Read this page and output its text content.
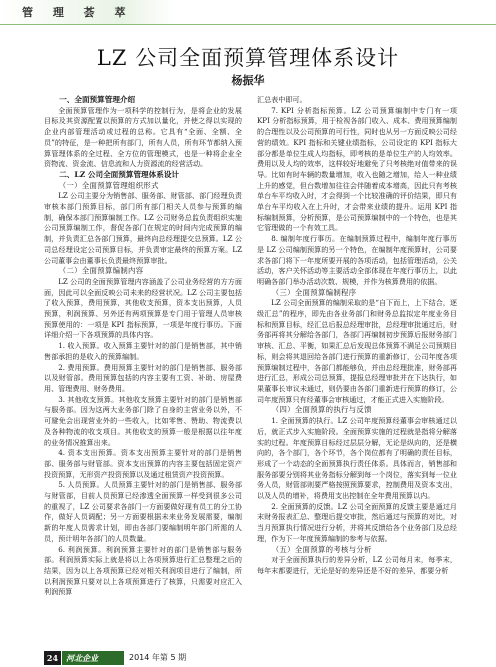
管 理 荟 萃
LZ 公司全面预算管理体系设计
杨振华

一、全面预算管理介绍

全面预算管理作为一项科学的控制行为，是将企业的发展目标及其资源配置以预算的方式加以量化，并使之得以实现的企业内部管理活动或过程的总称。它具有“全面、全额、全员”的特征，是一种把所有部门，所有人员，所有环节都纳入预算管理体系的全过程、全方位的管理模式，也是一种将企业全资物流、资金流、信息流和人力资源流的经营活动。

二、LZ 公司全面预算管理体系设计

（一）全面预算管理组织形式

LZ 公司主要分为销售部、服务部、财管部、部门经理负责审核本部门预算目标，部门所有部门相关人员参与预算的编制，确保本部门预算编制工作。LZ 公司财务总监负责组织实施公司预算编制工作，督促各部门在规定的时间内完成预算的编制，并负责汇总各部门预算，最终向总经理提交总预算。LZ 公司总经理设定公司预算目标，并负责审定最终的预算方案。LZ 公司董事会由董事长负责最终预算审批。

（二）全面预算编制内容

LZ 公司的全面预算管理内容涵盖了公司业务经营的方方面面，因此可以全面反映公司未来的经营状况。LZ 公司主要包括了收入预算，费用预算，其他收支预算，资本支出预算，人员预算，利润预算、另外还有两项预算是专门用于管理人员审核预算使用的：一项是 KPI 指标预算，一项是年度行事历。下面详细介绍一下各项预算的具体内容。

1. 收入预算。收入预算主要针对的部门是销售部，其中销售部承担的是收入的预算编制。

2. 费用预算。费用预算主要针对的部门是销售部、服务部以及财管部。费用预算包括的内容主要有工资、补助、房屋费用、管理费用、财务费用。

3. 其他收支预算。其他收支预算主要针对的部门是销售部与服务部。因为这两大业务部门除了自身的主营业务以外，不可避免会出现营业外的一些收入，比如零售、赞助、物流费以及各种物流的收支项目。其他收支的预算一般是根据以往年度的业务情况推算出来。

4. 资本支出预算。资本支出预算主要针对的部门是销售部、服务部与财管部。资本支出预算的内容主要包括固定资产投资预算，无形资产投资预算以及通过租赁资产投资预算。

5. 人员预算。人员预算主要针对的部门是销售部、服务部与财管部，目前人员预算已经渗透全面预算一样受到很多公司的重视了，LZ 公司要求各部门一方面要做好现有员工的分工协作，做好人员调配；另一方面要根据未来业务发展需要，编制新的年度人员需求计划，即由各部门要编制明年部门所需的人员，预计明年各部门的人员数量。

6. 利润预算。利润预算主要针对的部门是销售部与服务部。利润预算实际上就是将以上各项预算进行汇总整理之后的结果，因为以上各项预算已经对相关利润项目进行了编制，所以利润预算只要对以上各项预算进行了核算，只需要对应汇入利润预算

汇总表中即可。

7. KPI 分析指标预算。LZ 公司预算编制中专门有一项 KPI 分析指标预算，用于检视各部门收入、成本、费用预算编制的合理性以及公司预算的可行性，同时也从另一方面反映公司经营的绩效。KPI 指标和关键业绩指标，公司设定的 KPI 指标大部分都是单位生成人均指标，即考核的是单位生产的人均效率。费用以及人均的效率，这样较好地避免了只考核绝对值带来的误导。比如有时车辆的数量增加，收入也随之增加，给人一种业绩上升的感觉，但台数增加往往会伴随着成本增高，因此只有考核单台车平均收入时，才会得到一个比较准确的评价结果，即只有单台车平均收入在上升时，才会带来业绩的提升。运用 KPI 指标编制预算，分析预算，是公司预算编制中的一个特色，也是其它管理做的一个有效工具。

8. 编制年度行事历。在编制预算过程中，编制年度行事历是 LZ 公司编制预算的另一个特色，在编制年度预算时，公司要求各部门将下一年度所要开展的各项活动，包括管理活动，公关活动，客户关怀活动等主要活动全部体现在年度行事历上，以此明确各部门举办活动次数、规模，并作为核算费用的依据。

（三）全面预算编制程序

LZ 公司全面预算的编制采取的是“自下而上，上下结合，逐级汇总”的程序，即先由各业务部门和财务总监拟定年度业务目标和预算目标，经汇总后报总经理审批，总经理审批通过后，财务部再将其分解给各部门，各部门再编制初步预算后报财务部门审核、汇总、平衡，如果汇总后发现总体预算不满足公司预期目标，则会将其退回给各部门进行预算的重新修订，公司年度各项预算编制过程中，各部门都能够负，并由总经理批准，财务部再进行汇总，形成公司总预算，提报总经理审批并在下达执行，如果董事长审议未通过，则仍要由各部门重新进行预算的修订，公司年度预算只有经董事会审核通过，才能正式进入实施阶段。

（四）全面预算的执行与反馈

1. 全面预算的执行。LZ 公司年度预算经董事会审核通过以后，就正式步入实施阶段。全面预算实施的过程就是指将分解落实的过程。年度预算目标经过层层分解，无论是纵向的，还是横向的，各个部门，各个环节，各个岗位都有了明确的责任目标，形成了一个动态的全面预算执行责任体系。具体而言，销售部和服务部要分别将其业务指标分解到每一个岗位，落实到每一位业务人员，财管部则要严格按照预算要求，控制费用及资本支出，以及人员的增补，将费用支出控制在全年费用预算以内。

2. 全面预算的反馈。LZ 公司全面预算的反馈主要是通过月末财务报表汇总、整理后提交审批，然后通过与预算的对比，对当月预算执行情况进行分析，并将其反馈给各个业务部门及总经理，作为下一年度预算编制的参考与依据。

（五）全面预算的考核与分析

对于全面预算执行的差异分析，LZ 公司每月末，每季末，每年末都要进行，无论是好的差异还是不好的差异，都要分析

24 河北企业	2014 年第 5 期
